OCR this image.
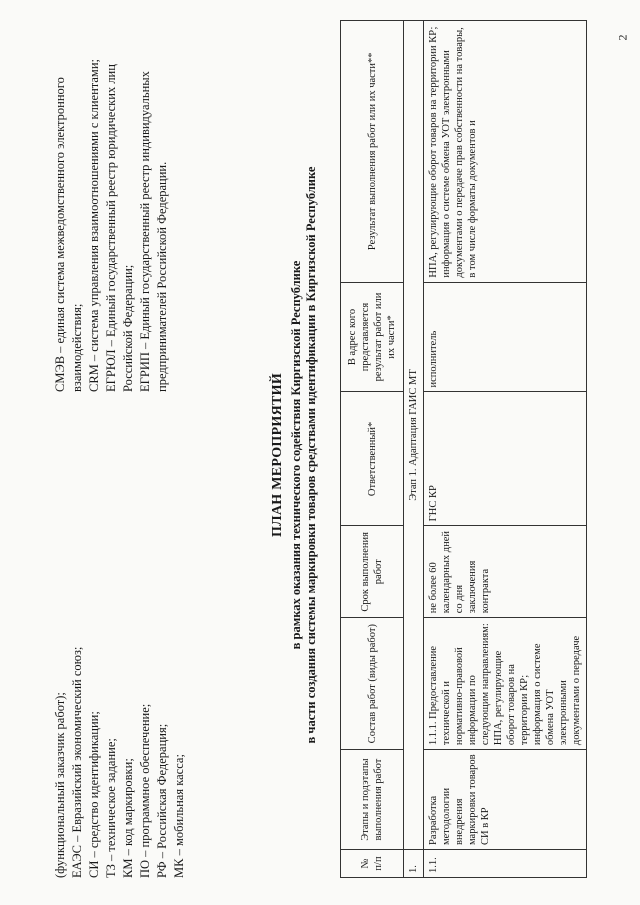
2
(функциональный заказчик работ); ЕАЭС – Евразийский экономический союз; СИ – средство идентификации; ТЗ – техническое задание; КМ – код маркировки; ПО – программное обеспечение; РФ – Российская Федерация; МК – мобильная касса;
СМЭВ – единая система межведомственного электронного взаимодействия; CRM – система управления взаимоотношениями с клиентами; ЕГРЮЛ – Единый государственный реестр юридических лиц Российской Федерации; ЕГРИП – Единый государственный реестр индивидуальных предпринимателей Российской Федерации.
ПЛАН МЕРОПРИЯТИЙ в рамках оказания технического содействия Киргизской Республике в части создания системы маркировки товаров средствами идентификации в Киргизской Республике
№ п/п	Этапы и подэтапы выполнения работ	Состав работ (виды работ)	Срок выполнения работ	Ответственный*	В адрес кого представляется результат работ или их части*	Результат выполнения работ или их части**
1.	Этап 1. Адаптация ГАИС МТ					
1.1.	Разработка методологии внедрения маркировки товаров СИ в КР	1.1.1. Предоставление технической и нормативно-правовой информации по следующим направлениям: НПА, регулирующие оборот товаров на территории КР; информация о системе обмена УОТ электронными документами о передаче	не более 60 календарных дней со дня заключения контракта	ГНС КР	исполнитель	НПА, регулирующие оборот товаров на территории КР; информация о системе обмена УОТ электронными документами о передаче прав собственности на товары, в том числе форматы документов и
